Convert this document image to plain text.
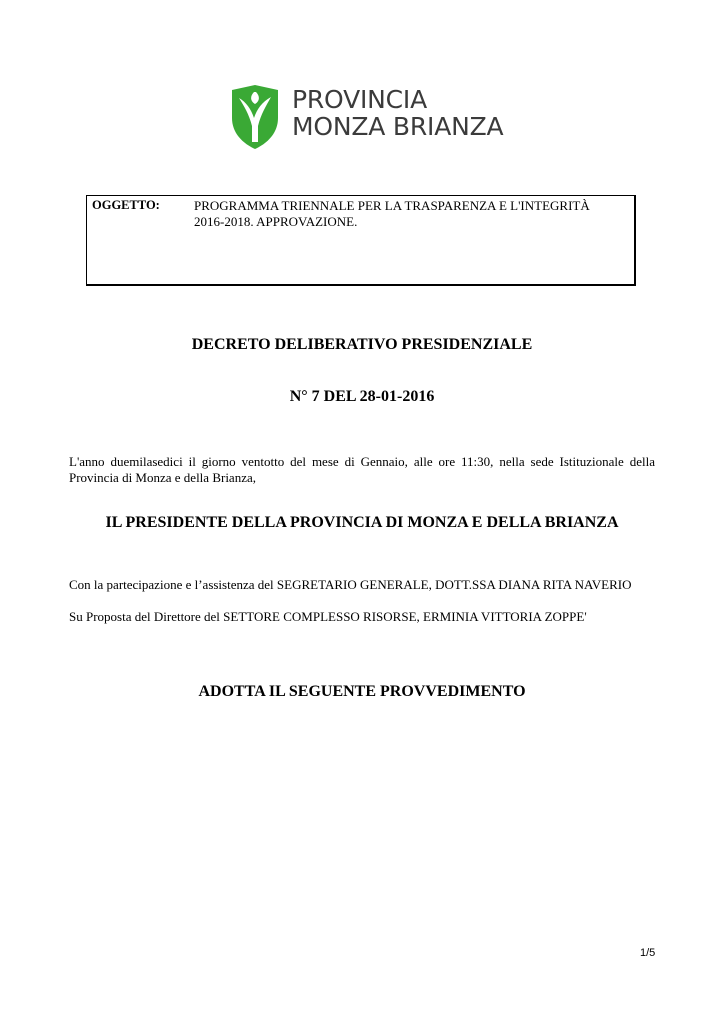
PROVINCIA
MONZA BRIANZA
OGGETTO:	PROGRAMMA TRIENNALE PER LA TRASPARENZA E L'INTEGRITÀ
2016-2018. APPROVAZIONE.
DECRETO DELIBERATIVO PRESIDENZIALE
N° 7 DEL 28-01-2016
L'anno duemilasedici il giorno ventotto del mese di Gennaio, alle ore 11:30, nella sede Istituzionale della Provincia di Monza e della Brianza,
IL PRESIDENTE DELLA PROVINCIA DI MONZA E DELLA BRIANZA
Con la partecipazione e l’assistenza del SEGRETARIO GENERALE, DOTT.SSA DIANA RITA NAVERIO
Su Proposta del Direttore del SETTORE COMPLESSO RISORSE, ERMINIA VITTORIA ZOPPE'
ADOTTA IL SEGUENTE PROVVEDIMENTO
1/5
